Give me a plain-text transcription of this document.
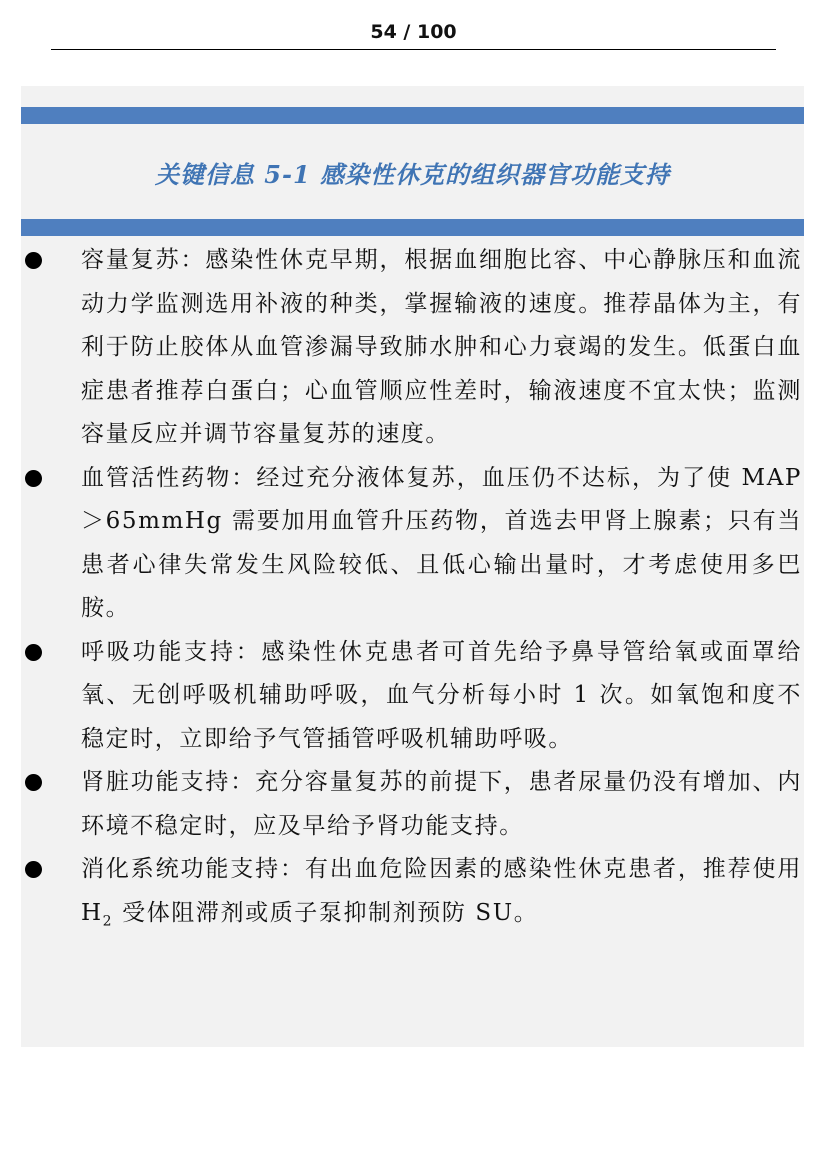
54 / 100
关键信息 5-1 感染性休克的组织器官功能支持
容量复苏：感染性休克早期，根据血细胞比容、中心静脉压和血流动力学监测选用补液的种类，掌握输液的速度。推荐晶体为主，有利于防止胶体从血管渗漏导致肺水肿和心力衰竭的发生。低蛋白血症患者推荐白蛋白；心血管顺应性差时，输液速度不宜太快；监测容量反应并调节容量复苏的速度。
血管活性药物：经过充分液体复苏，血压仍不达标，为了使 MAP＞65mmHg 需要加用血管升压药物，首选去甲肾上腺素；只有当患者心律失常发生风险较低、且低心输出量时，才考虑使用多巴胺。
呼吸功能支持：感染性休克患者可首先给予鼻导管给氧或面罩给氧、无创呼吸机辅助呼吸，血气分析每小时 1 次。如氧饱和度不稳定时，立即给予气管插管呼吸机辅助呼吸。
肾脏功能支持：充分容量复苏的前提下，患者尿量仍没有增加、内环境不稳定时，应及早给予肾功能支持。
消化系统功能支持：有出血危险因素的感染性休克患者，推荐使用 $H_2$ 受体阻滞剂或质子泵抑制剂预防 SU。
